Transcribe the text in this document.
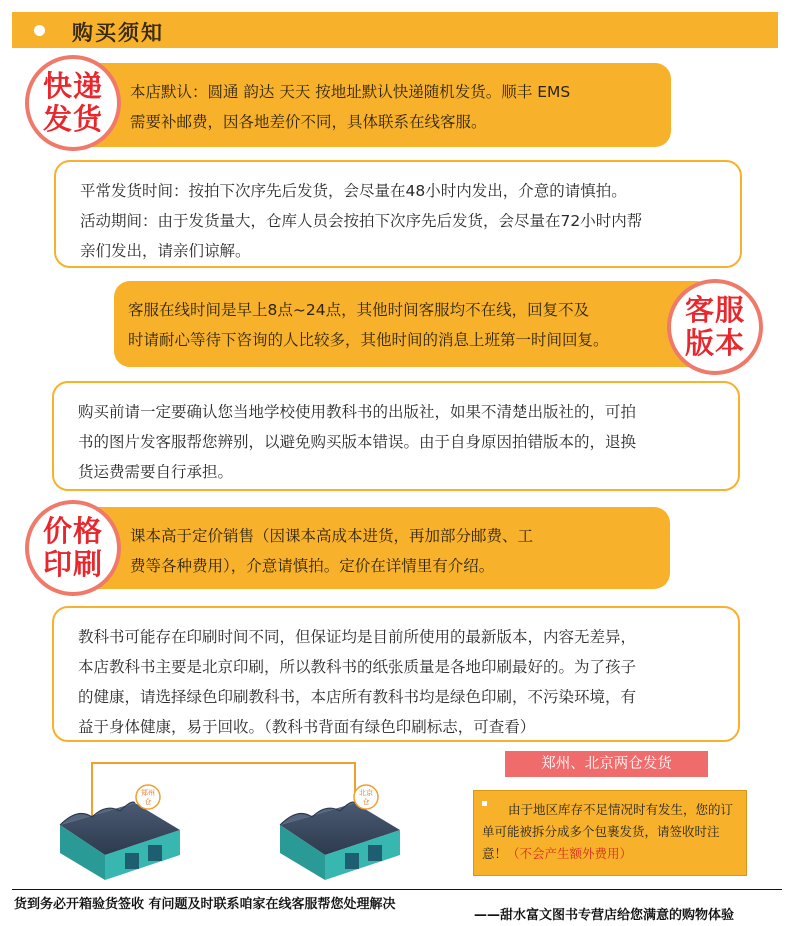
购买须知
本店默认：圆通 韵达 天天 按地址默认快递随机发货。顺丰 EMS
需要补邮费，因各地差价不同，具体联系在线客服。
快递
发货
平常发货时间：按拍下次序先后发货，会尽量在48小时内发出，介意的请慎拍。
活动期间：由于发货量大，仓库人员会按拍下次序先后发货，会尽量在72小时内帮
亲们发出，请亲们谅解。
客服在线时间是早上8点~24点，其他时间客服均不在线，回复不及
时请耐心等待下咨询的人比较多，其他时间的消息上班第一时间回复。
客服
版本
购买前请一定要确认您当地学校使用教科书的出版社，如果不清楚出版社的，可拍
书的图片发客服帮您辨别，以避免购买版本错误。由于自身原因拍错版本的，退换
货运费需要自行承担。
课本高于定价销售（因课本高成本进货，再加部分邮费、工
费等各种费用），介意请慎拍。定价在详情里有介绍。
价格
印刷
教科书可能存在印刷时间不同，但保证均是目前所使用的最新版本，内容无差异，
本店教科书主要是北京印刷，所以教科书的纸张质量是各地印刷最好的。为了孩子
的健康，请选择绿色印刷教科书，本店所有教科书均是绿色印刷，不污染环境，有
益于身体健康，易于回收。（教科书背面有绿色印刷标志，可查看）
郑州
仓
北京
仓
郑州、北京两仓发货
由于地区库存不足情况时有发生，您的订
单可能被拆分成多个包裹发货，请签收时注
意！（不会产生额外费用）
货到务必开箱验货签收 有问题及时联系咱家在线客服帮您处理解决
——甜水富文图书专营店给您满意的购物体验
